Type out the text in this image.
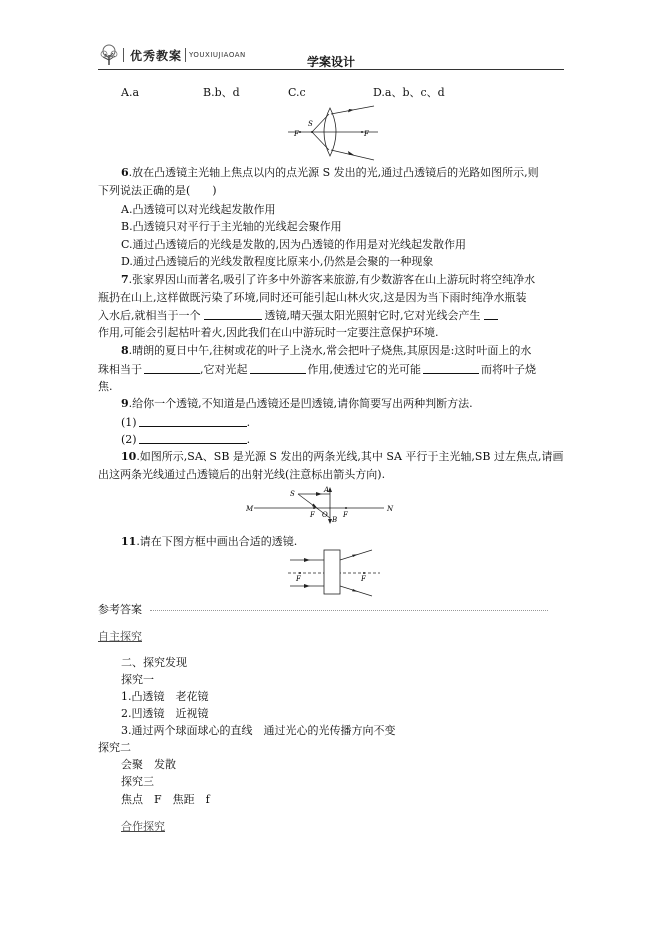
优秀教案 YOUXIUJIAOAN	学案设计
A.a	B.b、d	C.c	D.a、b、c、d
F
S
F
6.放在凸透镜主光轴上焦点以内的点光源 S 发出的光,通过凸透镜后的光路如图所示,则
下列说法正确的是(　　)
A.凸透镜可以对光线起发散作用
B.凸透镜只对平行于主光轴的光线起会聚作用
C.通过凸透镜后的光线是发散的,因为凸透镜的作用是对光线起发散作用
D.通过凸透镜后的光线发散程度比原来小,仍然是会聚的一种现象
7.张家界因山而著名,吸引了许多中外游客来旅游,有少数游客在山上游玩时将空纯净水
瓶扔在山上,这样做既污染了环境,同时还可能引起山林火灾,这是因为当下雨时纯净水瓶装
入水后,就相当于一个	透镜,晴天强太阳光照射它时,它对光线会产生
作用,可能会引起枯叶着火,因此我们在山中游玩时一定要注意保护环境.
8.晴朗的夏日中午,往树或花的叶子上浇水,常会把叶子烧焦,其原因是:这时叶面上的水
珠相当于	,它对光起	作用,使透过它的光可能	而将叶子烧
焦.
9.给你一个透镜,不知道是凸透镜还是凹透镜,请你简要写出两种判断方法.
(1)	.
(2)	.
10.如图所示,SA、SB 是光源 S 发出的两条光线,其中 SA 平行于主光轴,SB 过左焦点,请画
出这两条光线通过凸透镜后的出射光线(注意标出箭头方向).
S	A
M	N
F O
B
F
11.请在下图方框中画出合适的透镜.
F	F
参考答案
自主探究
二、探究发现
探究一
1.凸透镜　老花镜
2.凹透镜　近视镜
3.通过两个球面球心的直线　通过光心的光传播方向不变
探究二
会聚　发散
探究三
焦点　F　焦距　f
合作探究
